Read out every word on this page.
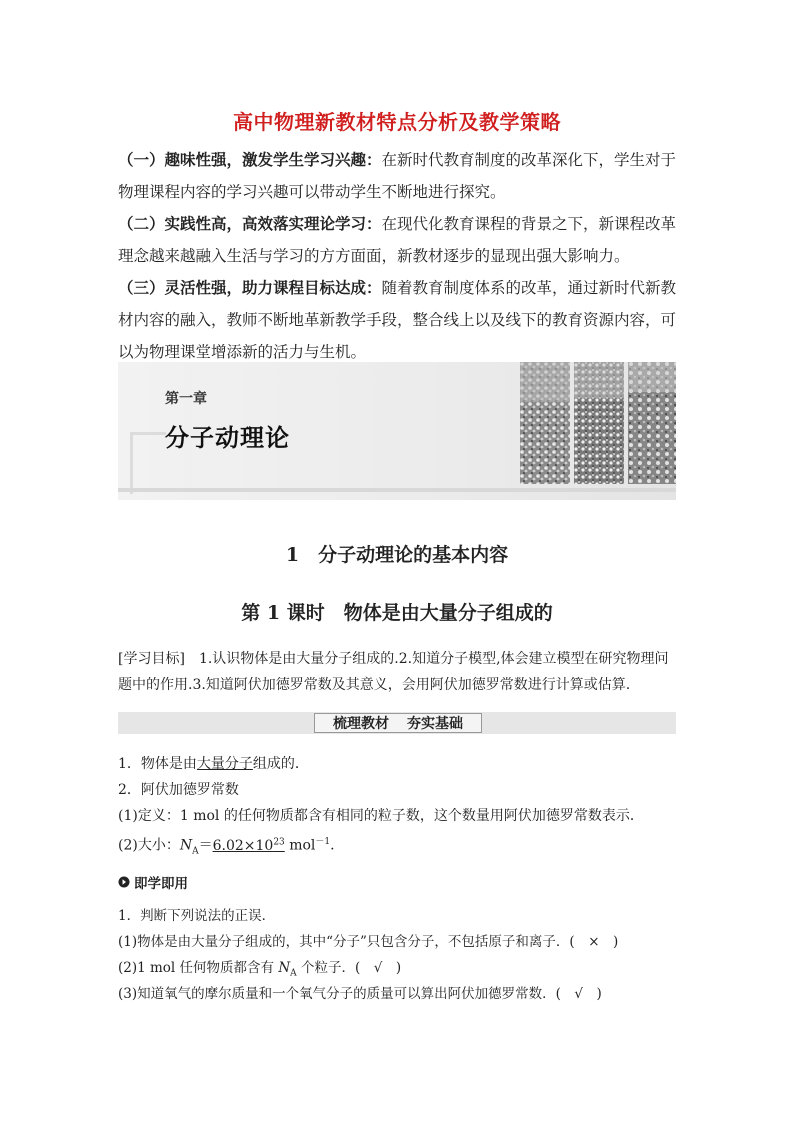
高中物理新教材特点分析及教学策略

（一）趣味性强，激发学生学习兴趣：在新时代教育制度的改革深化下，学生对于物理课程内容的学习兴趣可以带动学生不断地进行探究。

（二）实践性高，高效落实理论学习：在现代化教育课程的背景之下，新课程改革理念越来越融入生活与学习的方方面面，新教材逐步的显现出强大影响力。

（三）灵活性强，助力课程目标达成：随着教育制度体系的改革，通过新时代新教材内容的融入，教师不断地革新教学手段，整合线上以及线下的教育资源内容，可以为物理课堂增添新的活力与生机。

第一章
分子动理论
1　分子动理论的基本内容
第 1 课时　物体是由大量分子组成的
[学习目标] 1.认识物体是由大量分子组成的.2.知道分子模型,体会建立模型在研究物理问题中的作用.3.知道阿伏加德罗常数及其意义，会用阿伏加德罗常数进行计算或估算.
梳理教材 夯实基础
1．物体是由大量分子组成的．
2．阿伏加德罗常数
(1)定义：1 mol 的任何物质都含有相同的粒子数，这个数量用阿伏加德罗常数表示．
(2)大小：$N_A=6.02\times 10^{23}$ mol$^{-1}$.
即学即用
1．判断下列说法的正误．
(1)物体是由大量分子组成的，其中“分子”只包含分子，不包括原子和离子．(　×　)
(2)1 mol 任何物质都含有 $N_A$ 个粒子．(　√　)
(3)知道氧气的摩尔质量和一个氧气分子的质量可以算出阿伏加德罗常数．(　√　)
